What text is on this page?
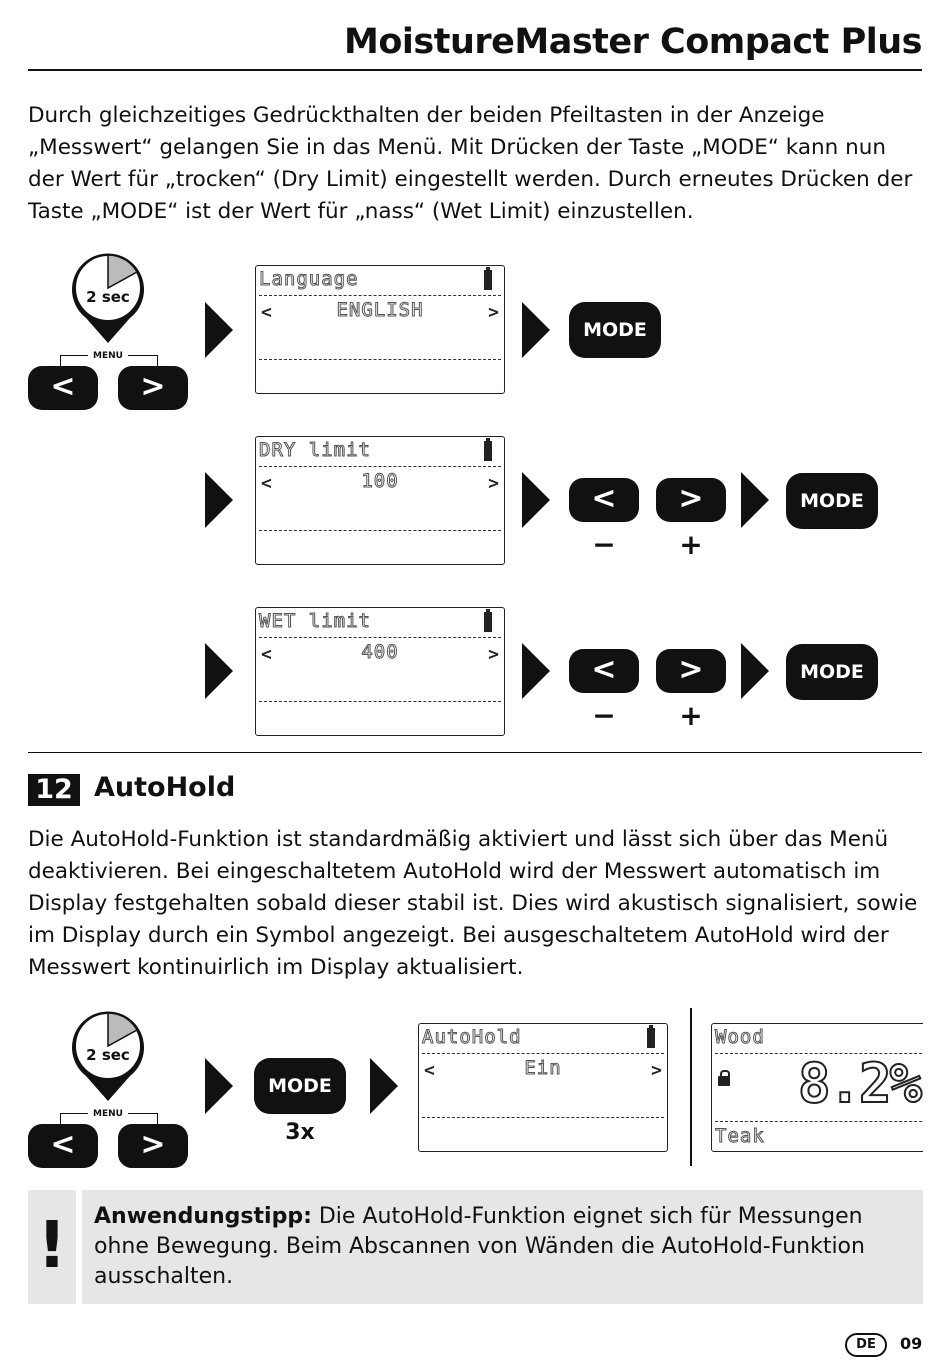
MoistureMaster Compact Plus
Durch gleichzeitiges Gedrückthalten der beiden Pfeiltasten in der Anzeige „Messwert“ gelangen Sie in das Menü. Mit Drücken der Taste „MODE“ kann nun der Wert für „trocken“ (Dry Limit) eingestellt werden. Durch erneutes Drücken der Taste „MODE“ ist der Wert für „nass“ (Wet Limit) einzustellen.
2 sec
MENU
<	>
Language
<	ENGLISH	>
MODE
DRY limit
<	100	>	<	>
− +
MODE
WET limit
<	400	>	<	>
− +
MODE
12 AutoHold
Die AutoHold-Funktion ist standardmäßig aktiviert und lässt sich über das Menü deaktivieren. Bei eingeschaltetem AutoHold wird der Messwert automatisch im Display festgehalten sobald dieser stabil ist. Dies wird akustisch signalisiert, sowie im Display durch ein Symbol angezeigt. Bei ausgeschaltetem AutoHold wird der Messwert kontinuirlich im Display aktualisiert.
2 sec
MENU
<	>
MODE
3x
AutoHold
<	Ein	>
Wood
8.2%
Teak
!	Anwendungstipp: Die AutoHold-Funktion eignet sich für Messungen ohne Bewegung. Beim Abscannen von Wänden die AutoHold-Funktion ausschalten.
DE	09
